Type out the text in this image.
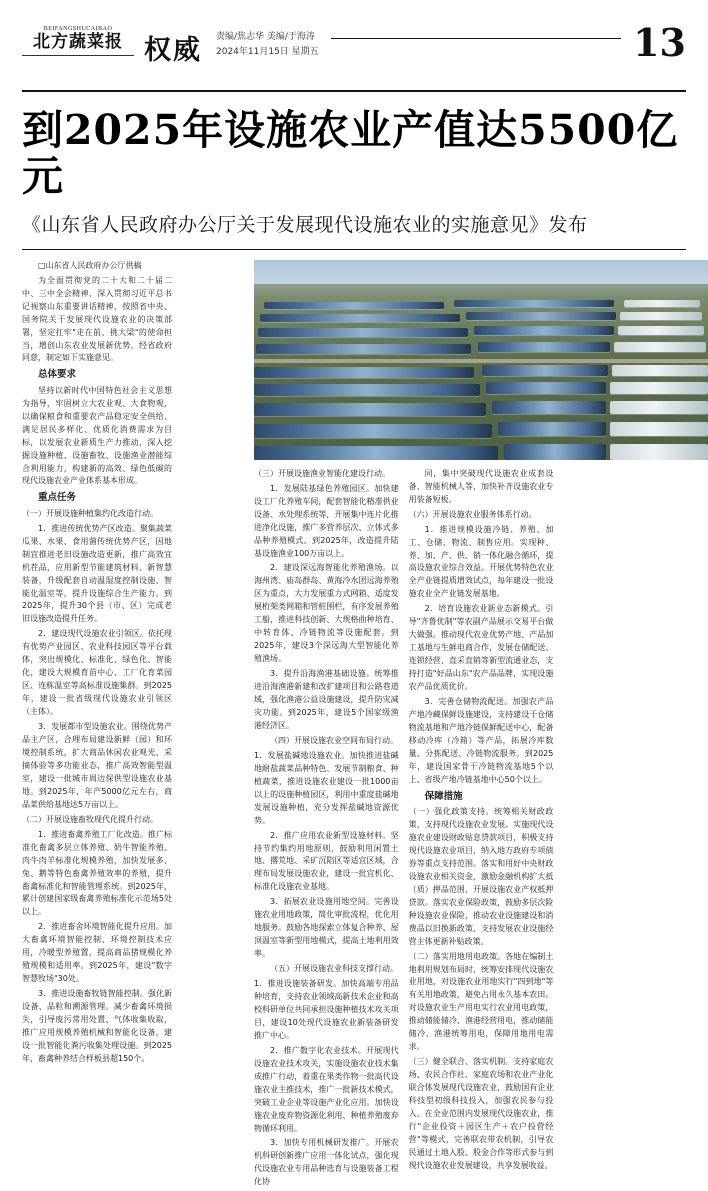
BEIFANGSHUCAIBAO
北方蔬菜报 权威 责编/焦志华 美编/于海涛
2024年11月15日 星期五	13
到2025年设施农业产值达5500亿元
《山东省人民政府办公厅关于发展现代设施农业的实施意见》发布

□山东省人民政府办公厅供稿

为全面贯彻党的二十大和二十届二中、三中全会精神，深入贯彻习近平总书记视察山东重要讲话精神，按照省中央、国务院关于发展现代设施农业的决策部署，坚定扛牢"走在前、挑大梁"的使命担当，增创山东农业发展新优势，经省政府同意，制定如下实施意见。

总体要求

坚持以新时代中国特色社会主义思想为指导，牢固树立大农业观、大食物观，以确保粮食和重要农产品稳定安全供给、满足居民多样化、优质化消费需求为目标，以发展农业新质生产力推动，深入挖掘设施种植、设施畜牧、设施渔业潜能综合利用能力，构建新的高效、绿色低碳的现代设施农业产业体系基本形成。

重点任务

（一）开展设施种植集约化改造行动。

1．推进传统优势产区改造。聚集蔬菜瓜果、水果、食用菌传统优势产区，因地制宜推进老旧设施改造更新，推广高效宜机茬品，应用新型节能建筑材料、新智慧装备，升级配套自动温湿度控制设施、智能化温室等，提升设施综合生产能力。到2025年，提升30个县（市、区）完成老旧设施改造提升任务。

2．建设现代设施农业引领区。依托现有优势产业园区、农业科技园区等平台载体，突出规模化、标准化、绿色化、智能化，建设大规模育苗中心、工厂化育菜园区、连栋温室等高标准设施集群。到2025年，建设一批省级现代设施农业引领区（主体）。

3．发展都市型设施农业。围绕优势产品主产区，合理布局建设新鲜（园）和环境控制系统，扩大商品休闲农业观光、采摘体验等多功能业态，推广高效智能型温室，建设一批城市周边保供型设施农业基地。到2025年，年产5000亿元左右，商品菜供给基地达5万亩以上。

（二）开展设施畜牧现代化提升行动。

1．推进畜禽养殖工厂化改造。推广标准化畜禽多层立体养殖、奶牛智能养殖、肉牛肉羊标准化规模养殖，加快发展多、兔、鹅等特色畜禽养殖效率的养殖，提升畜禽标准化和智能管理系统。到2025年，累计创建国家级畜禽养殖标准化示范场5处以上。

2．推进畜舍环境智能化提升应用。加大畜禽环境智能控制、环境控制技术应用，冷暖型养殖置，提高商品猪规模化养殖规模和适用率。到2025年，建设"数字智慧牧场"30处。

3．推进设施畜牧链智能控制。强化新设备、品粒和溯源管理。减少畜禽环境损失，引导废污常用处置、气体收集收取，推广应用规模养殖机械和智能化设备，建设一批智能化粪污收集处理设施。到2025年，畜禽种养结合样板县超150个。

（三）开展设施渔业智能化建设行动。

1．发展陆基绿色养殖园区。加快建设工厂化养殖车间，配套智能化精准供业设备、水处理系统等，开展集中连片化推进净化设施，推广多营养层次、立体式多品种养殖模式。到2025年，改造提升陆基设施渔业100万亩以上。

2．建设深远海智能化养殖渔场。以海州湾、庙岛群岛、黄海冷水团远海养殖区为重点，大力发展重力式网箱、适度发展桁架类网箱和管桩围栏，有序发展养殖工船，推进科技创新、大规格曲种培育、中转育体、冷链物流等设施配套。到2025年，建设3个深远海大型智能化养殖渔场。

3．提升沿海渔港基础设施。统筹推进沿海渔港新建和改扩建项目和公路巷道域，强化渔港公益设施建设，提升防灾减灾功能。到2025年，建设5个国家级渔港经济区。

（四）开展设施农业空间布局行动。

1．发展盐碱地设施农业。加快推进盐碱地耐盐蔬菜品种特色、发展节制粮食、种植蔬菜，推进设施农业建设一批1000亩以上的设施种植园区，利用中重度盐碱地发展设施种植，充分发挥盐碱地资源优势。

2．推广应用农业新型设施材料。坚持节约集约用地原则，鼓励利用闲置土地、撂荒地、采矿沉陷区等适宜区域，合理布局发展设施农业，建设一批宜机化、标准化设施农业基地。

3．拓展农业设施用地空间。完善设施农业用地政策，简化审批流程，优化用地服务。鼓励各地探索立体复合种养、屋顶温室等新型用地模式，提高土地利用效率。

（五）开展设施农业科技支撑行动。

1．推进设施装备研发。加快高端专用品种培育，支持农业领域高新技术企业和高校科研单位共同承担设施种植技术攻关项目，建设10处现代设施农业新装备研发推广中心。

2．推广数字化农业技术。开展现代设施农业技术攻关，实施设施农业技术集成推广行动，着重在果类作物一批高代设施农业主推技术，推广一批新技术模式，突破工业企业等设施产业化应用。加快设施农业废弃物资源化利用、种植养殖废弃物循环利用。

3．加快专用机械研发推广。开展农机科研创新推广应用一体化试点，强化现代设施农业专用品种选育与设施装备工程化协

同，集中突破现代设施农业成套设备、智能机械人等，加快补齐设施农业专用装备短板。

（六）开展设施农业服务体系行动。

1．推进规模设施冷链、养殖、加工、仓储、物流、制售应用。实现种、养、加、产、供、销一体化融合循环，提高设施农业综合效益。开展优势特色农业全产业链提质增效试点，每年建设一批设施农业全产业链发展基地。

2．培育设施农业新业态新模式。引导"齐鲁优制"等农副产品展示交易平台做大做强。推动现代农业优势产地、产品加工基地与生鲜电商合作，发展仓储配送、连锁经营、直采直销等新型流通业态，支持打造"好品山东"农产品品牌，实现设施农产品优质优价。

3．完善仓储物流配送。加强农产品产地冷藏保鲜设施建设，支持建设干仓储物流基地和产地冷链保鲜配送中心，配备移动冷库（冷箱）等产品，拓展冷库数量、分拣配送、冷链物流服务。到2025年，建设国家骨干冷链物流基地5个以上、省级产地冷链基地中心50个以上。

保障措施

（一）强化政策支持。统筹相关财政政策，支持现代设施农业发展。实施现代设施农业建设财政贴息贷款项目，积极支持现代设施农业项目，纳入地方政府专项债券等重点支持范围。落实和用好中央财政设施农业相关资金，激励金融机构扩大抵（质）押品范围，开展设施农业产权抵押贷款。落实农业保险政策，鼓励多层次险种设施农业保险，推动农业设施建设和消费品以旧换新政策，支持发展农业设施经营主体更新补贴政策。

（二）落实用地用电政策。各地在编制土地利用规划布局时，统筹安排现代设施农业用地，对设施农业用地实行"四到地"等有关用地政策，避免占用永久基本农田。对设施农业生产用电实行农业用电政策，推动储能储冷、渔港经营用电，推动储能储冷、渔港统筹用电，保障用地用电需求。

（三）健全联合、落实机制。支持家庭农场、农民合作社、家庭农场和农业产业化联合体发展现代设施农业，鼓励国有企业科技型初级科技投入，加强农民参与投入。在全业范围内发展现代设施农业，推行"企业投资＋园区生产＋农户投营经营"等模式，完善联农带农机制，引导农民通过土地入股、股金合作等形式参与到现代设施农业发展建设，共享发展收益。
